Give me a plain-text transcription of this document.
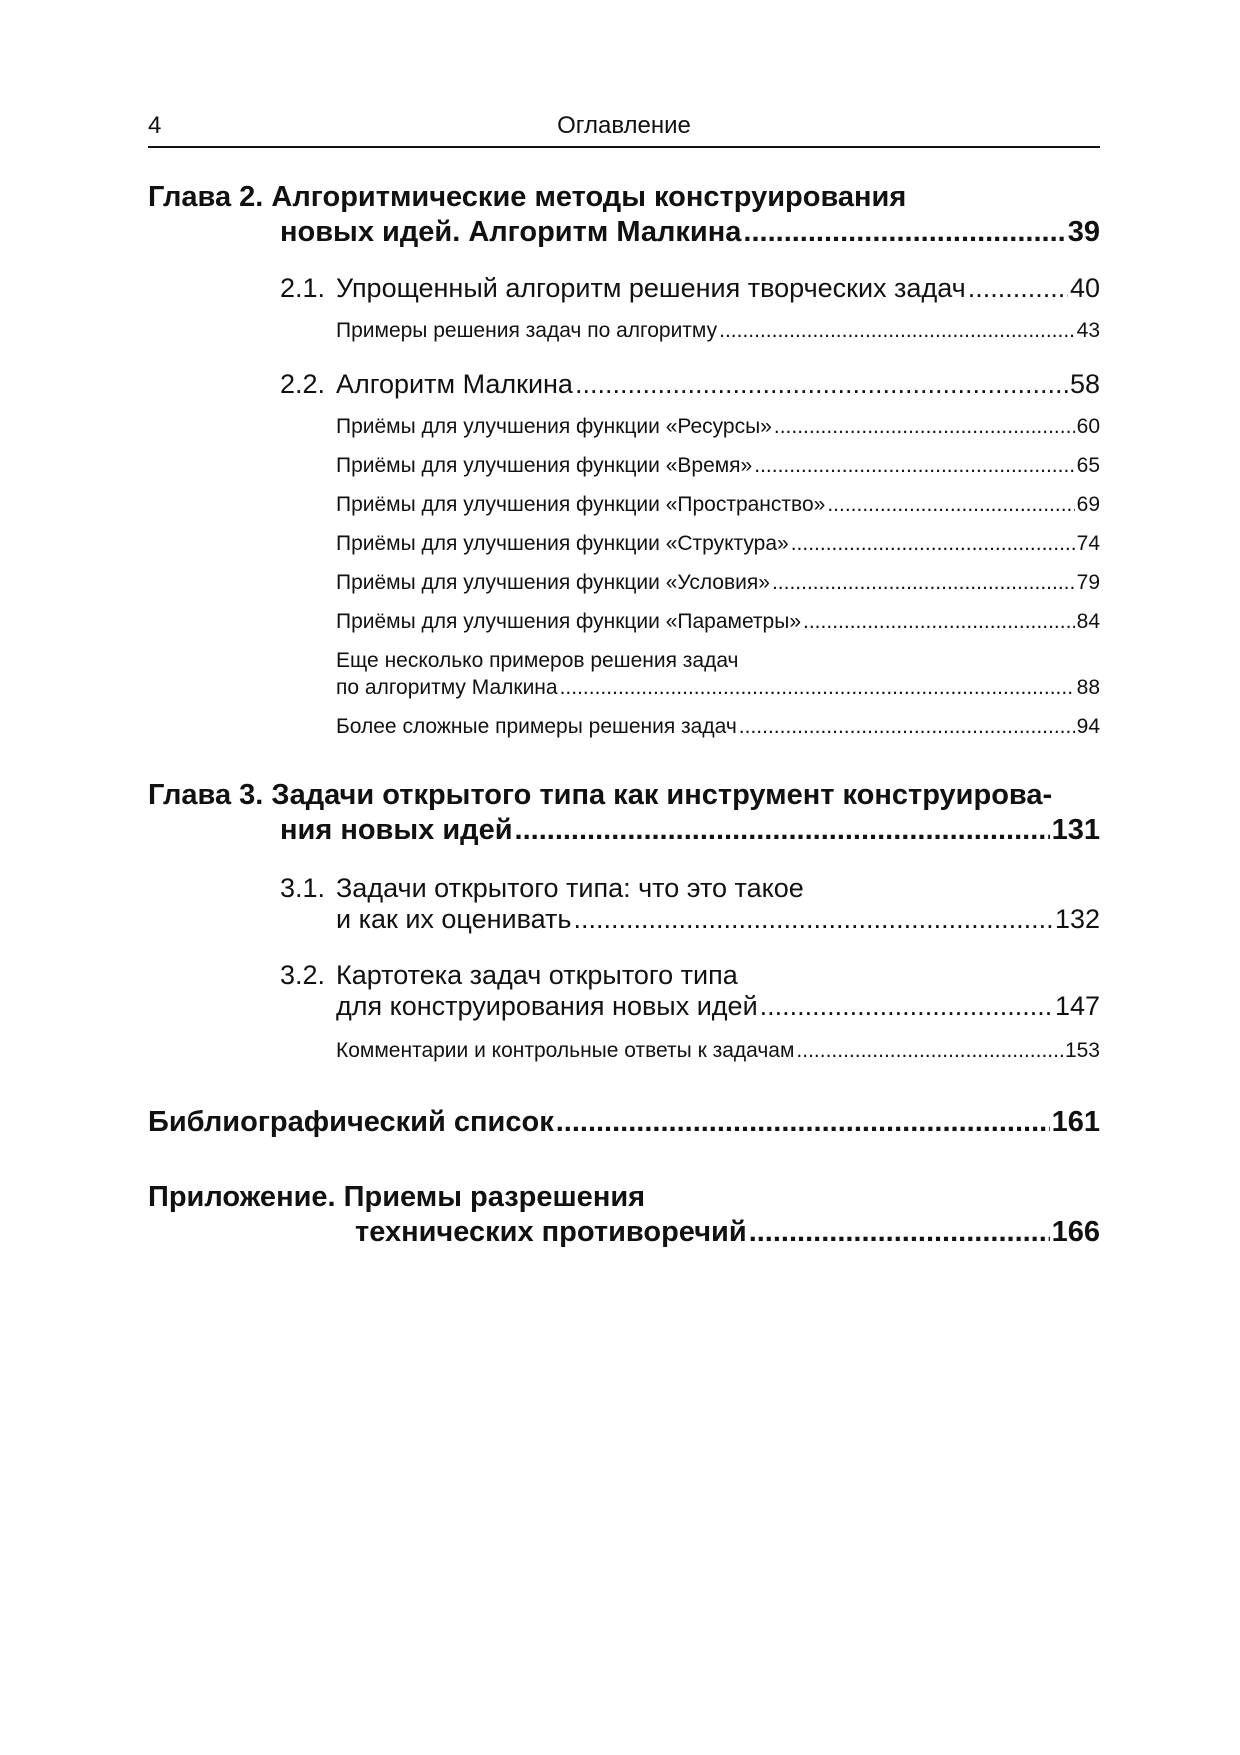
4	Оглавление
Глава 2. Алгоритмические методы конструирования
новых идей. Алгоритм Малкина .....	39
2.1. Упрощенный алгоритм решения творческих задач .....	40
Примеры решения задач по алгоритму .....	43
2.2. Алгоритм Малкина .....	58
Приёмы для улучшения функции «Ресурсы» .....	60
Приёмы для улучшения функции «Время» .....	65
Приёмы для улучшения функции «Пространство» .....	69
Приёмы для улучшения функции «Структура» .....	74
Приёмы для улучшения функции «Условия» .....	79
Приёмы для улучшения функции «Параметры» .....	84
Еще несколько примеров решения задач
по алгоритму Малкина .....	88
Более сложные примеры решения задач .....	94
Глава 3. Задачи открытого типа как инструмент конструирова-
ния новых идей .....	131
3.1. Задачи открытого типа: что это такое
и как их оценивать .....	132
3.2. Картотека задач открытого типа
для конструирования новых идей .....	147
Комментарии и контрольные ответы к задачам .....	153
Библиографический список .....	161
Приложение. Приемы разрешения
технических противоречий .....	166
